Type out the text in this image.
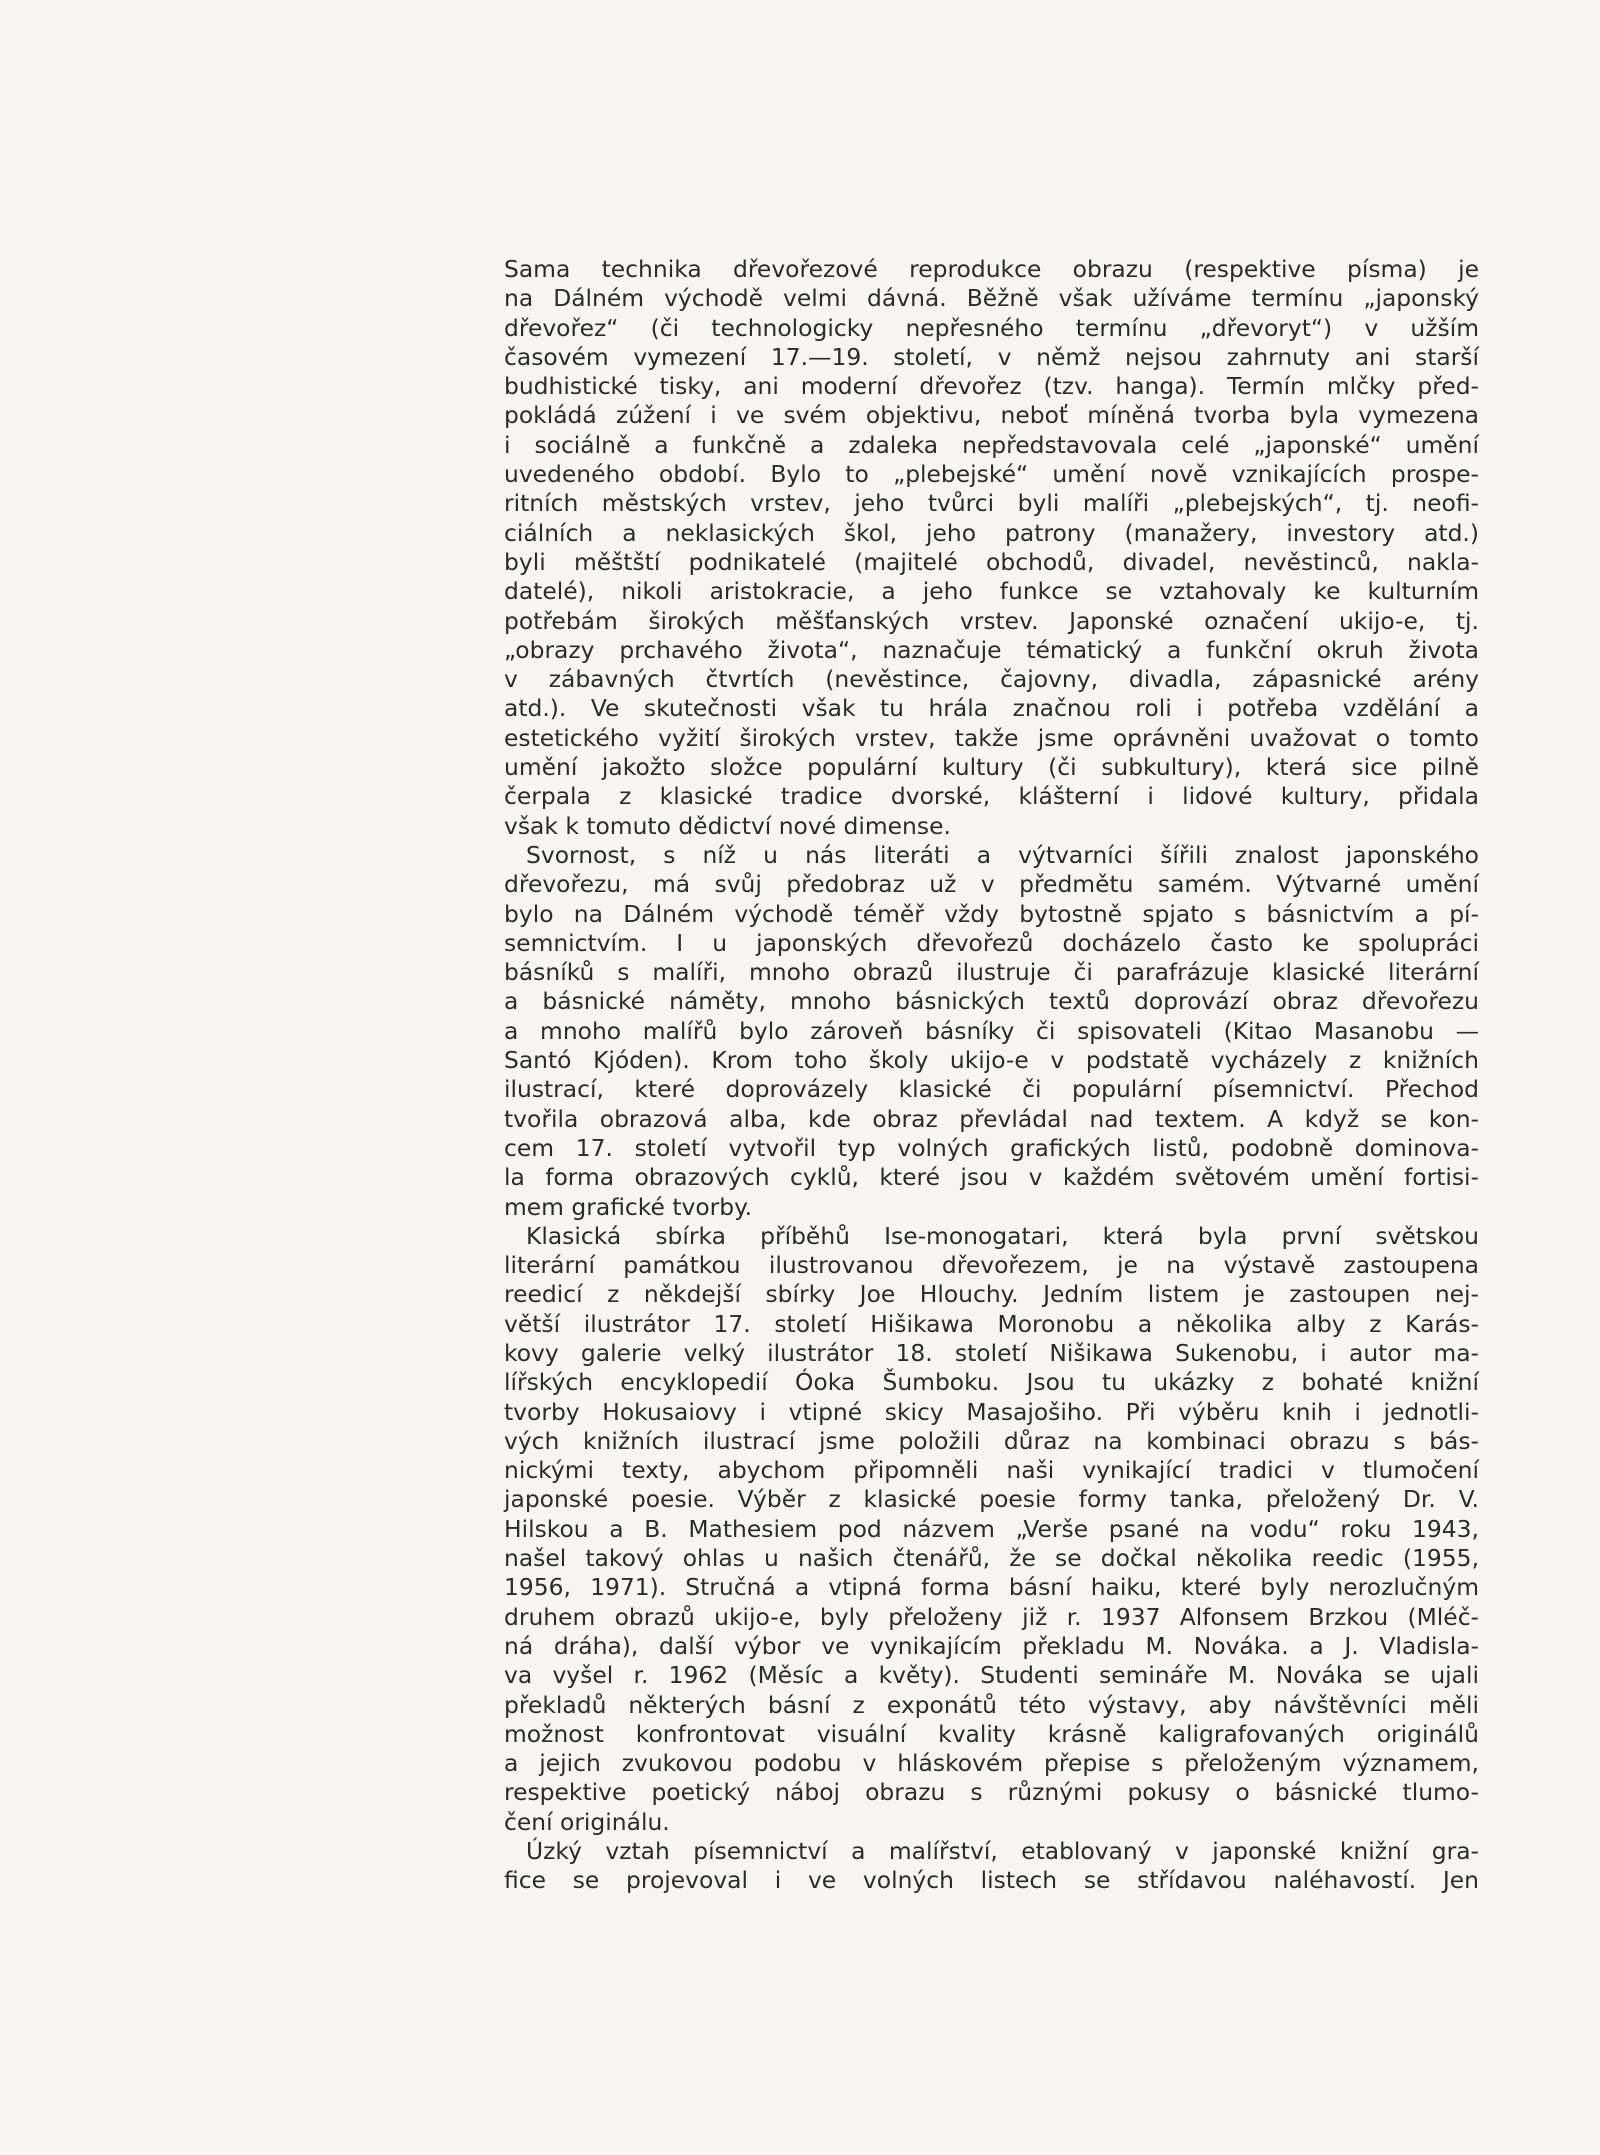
Sama technika dřevořezové reprodukce obrazu (respektive písma) je
na Dálném východě velmi dávná. Běžně však užíváme termínu „japonský
dřevořez“ (či technologicky nepřesného termínu „dřevoryt“) v užším
časovém vymezení 17.—19. století, v němž nejsou zahrnuty ani starší
budhistické tisky, ani moderní dřevořez (tzv. hanga). Termín mlčky před-
pokládá zúžení i ve svém objektivu, neboť míněná tvorba byla vymezena
i sociálně a funkčně a zdaleka nepředstavovala celé „japonské“ umění
uvedeného období. Bylo to „plebejské“ umění nově vznikajících prospe-
ritních městských vrstev, jeho tvůrci byli malíři „plebejských“, tj. neofi-
ciálních a neklasických škol, jeho patrony (manažery, investory atd.)
byli měštští podnikatelé (majitelé obchodů, divadel, nevěstinců, nakla-
datelé), nikoli aristokracie, a jeho funkce se vztahovaly ke kulturním
potřebám širokých měšťanských vrstev. Japonské označení ukijo-e, tj.
„obrazy prchavého života“, naznačuje tématický a funkční okruh života
v zábavných čtvrtích (nevěstince, čajovny, divadla, zápasnické arény
atd.). Ve skutečnosti však tu hrála značnou roli i potřeba vzdělání a
estetického vyžití širokých vrstev, takže jsme oprávněni uvažovat o tomto
umění jakožto složce populární kultury (či subkultury), která sice pilně
čerpala z klasické tradice dvorské, klášterní i lidové kultury, přidala
však k tomuto dědictví nové dimense.
Svornost, s níž u nás literáti a výtvarníci šířili znalost japonského
dřevořezu, má svůj předobraz už v předmětu samém. Výtvarné umění
bylo na Dálném východě téměř vždy bytostně spjato s básnictvím a pí-
semnictvím. I u japonských dřevořezů docházelo často ke spolupráci
básníků s malíři, mnoho obrazů ilustruje či parafrázuje klasické literární
a básnické náměty, mnoho básnických textů doprovází obraz dřevořezu
a mnoho malířů bylo zároveň básníky či spisovateli (Kitao Masanobu —
Santó Kjóden). Krom toho školy ukijo-e v podstatě vycházely z knižních
ilustrací, které doprovázely klasické či populární písemnictví. Přechod
tvořila obrazová alba, kde obraz převládal nad textem. A když se kon-
cem 17. století vytvořil typ volných grafických listů, podobně dominova-
la forma obrazových cyklů, které jsou v každém světovém umění fortisi-
mem grafické tvorby.
Klasická sbírka příběhů Ise-monogatari, která byla první světskou
literární památkou ilustrovanou dřevořezem, je na výstavě zastoupena
reedicí z někdejší sbírky Joe Hlouchy. Jedním listem je zastoupen nej-
větší ilustrátor 17. století Hišikawa Moronobu a několika alby z Karás-
kovy galerie velký ilustrátor 18. století Nišikawa Sukenobu, i autor ma-
lířských encyklopedií Óoka Šumboku. Jsou tu ukázky z bohaté knižní
tvorby Hokusaiovy i vtipné skicy Masajošiho. Při výběru knih i jednotli-
vých knižních ilustrací jsme položili důraz na kombinaci obrazu s bás-
nickými texty, abychom připomněli naši vynikající tradici v tlumočení
japonské poesie. Výběr z klasické poesie formy tanka, přeložený Dr. V.
Hilskou a B. Mathesiem pod názvem „Verše psané na vodu“ roku 1943,
našel takový ohlas u našich čtenářů, že se dočkal několika reedic (1955,
1956, 1971). Stručná a vtipná forma básní haiku, které byly nerozlučným
druhem obrazů ukijo-e, byly přeloženy již r. 1937 Alfonsem Brzkou (Mléč-
ná dráha), další výbor ve vynikajícím překladu M. Nováka. a J. Vladisla-
va vyšel r. 1962 (Měsíc a květy). Studenti semináře M. Nováka se ujali
překladů některých básní z exponátů této výstavy, aby návštěvníci měli
možnost konfrontovat visuální kvality krásně kaligrafovaných originálů
a jejich zvukovou podobu v hláskovém přepise s přeloženým významem,
respektive poetický náboj obrazu s různými pokusy o básnické tlumo-
čení originálu.
Úzký vztah písemnictví a malířství, etablovaný v japonské knižní gra-
fice se projevoval i ve volných listech se střídavou naléhavostí. Jen
